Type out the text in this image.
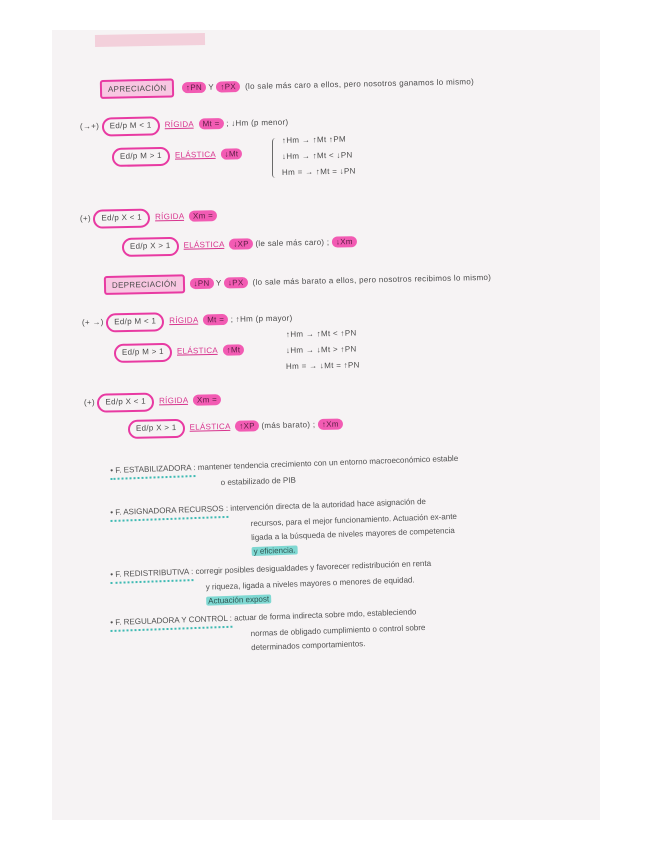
APRECIACIÓN ↑PN Y ↑PX (lo sale más caro a ellos, pero nosotros ganamos lo mismo)
(→+) Ed/p M < 1 RÍGIDA Mt = ; ↓Hm (p menor)
Ed/p M > 1 ELÁSTICA ↓Mt
↑Hm → ↑Mt ↑PM
↓Hm → ↑Mt < ↓PN
Hm = → ↑Mt = ↓PN
(+) Ed/p X < 1 RÍGIDA Xm =
Ed/p X > 1 ELÁSTICA ↓XP (le sale más caro) ; ↓Xm
DEPRECIACIÓN ↓PN Y ↓PX (lo sale más barato a ellos, pero nosotros recibimos lo mismo)
(+ →) Ed/p M < 1 RÍGIDA Mt = ; ↑Hm (p mayor)
Ed/p M > 1 ELÁSTICA ↑Mt
↑Hm → ↑Mt < ↑PN
↓Hm → ↓Mt > ↑PN
Hm = → ↓Mt = ↑PN
(+) Ed/p X < 1 RÍGIDA Xm =
Ed/p X > 1 ELÁSTICA ↑XP (más barato) ; ↑Xm
• F. ESTABILIZADORA : mantener tendencia crecimiento con un entorno macroeconómico estable
o estabilizado de PIB
• F. ASIGNADORA RECURSOS : intervención directa de la autoridad hace asignación de
recursos, para el mejor funcionamiento. Actuación ex-ante
ligada a la búsqueda de niveles mayores de competencia
y eficiencia.
• F. REDISTRIBUTIVA : corregir posibles desigualdades y favorecer redistribución en renta
y riqueza, ligada a niveles mayores o menores de equidad.
Actuación expost
• F. REGULADORA Y CONTROL : actuar de forma indirecta sobre mdo, estableciendo
normas de obligado cumplimiento o control sobre
determinados comportamientos.
